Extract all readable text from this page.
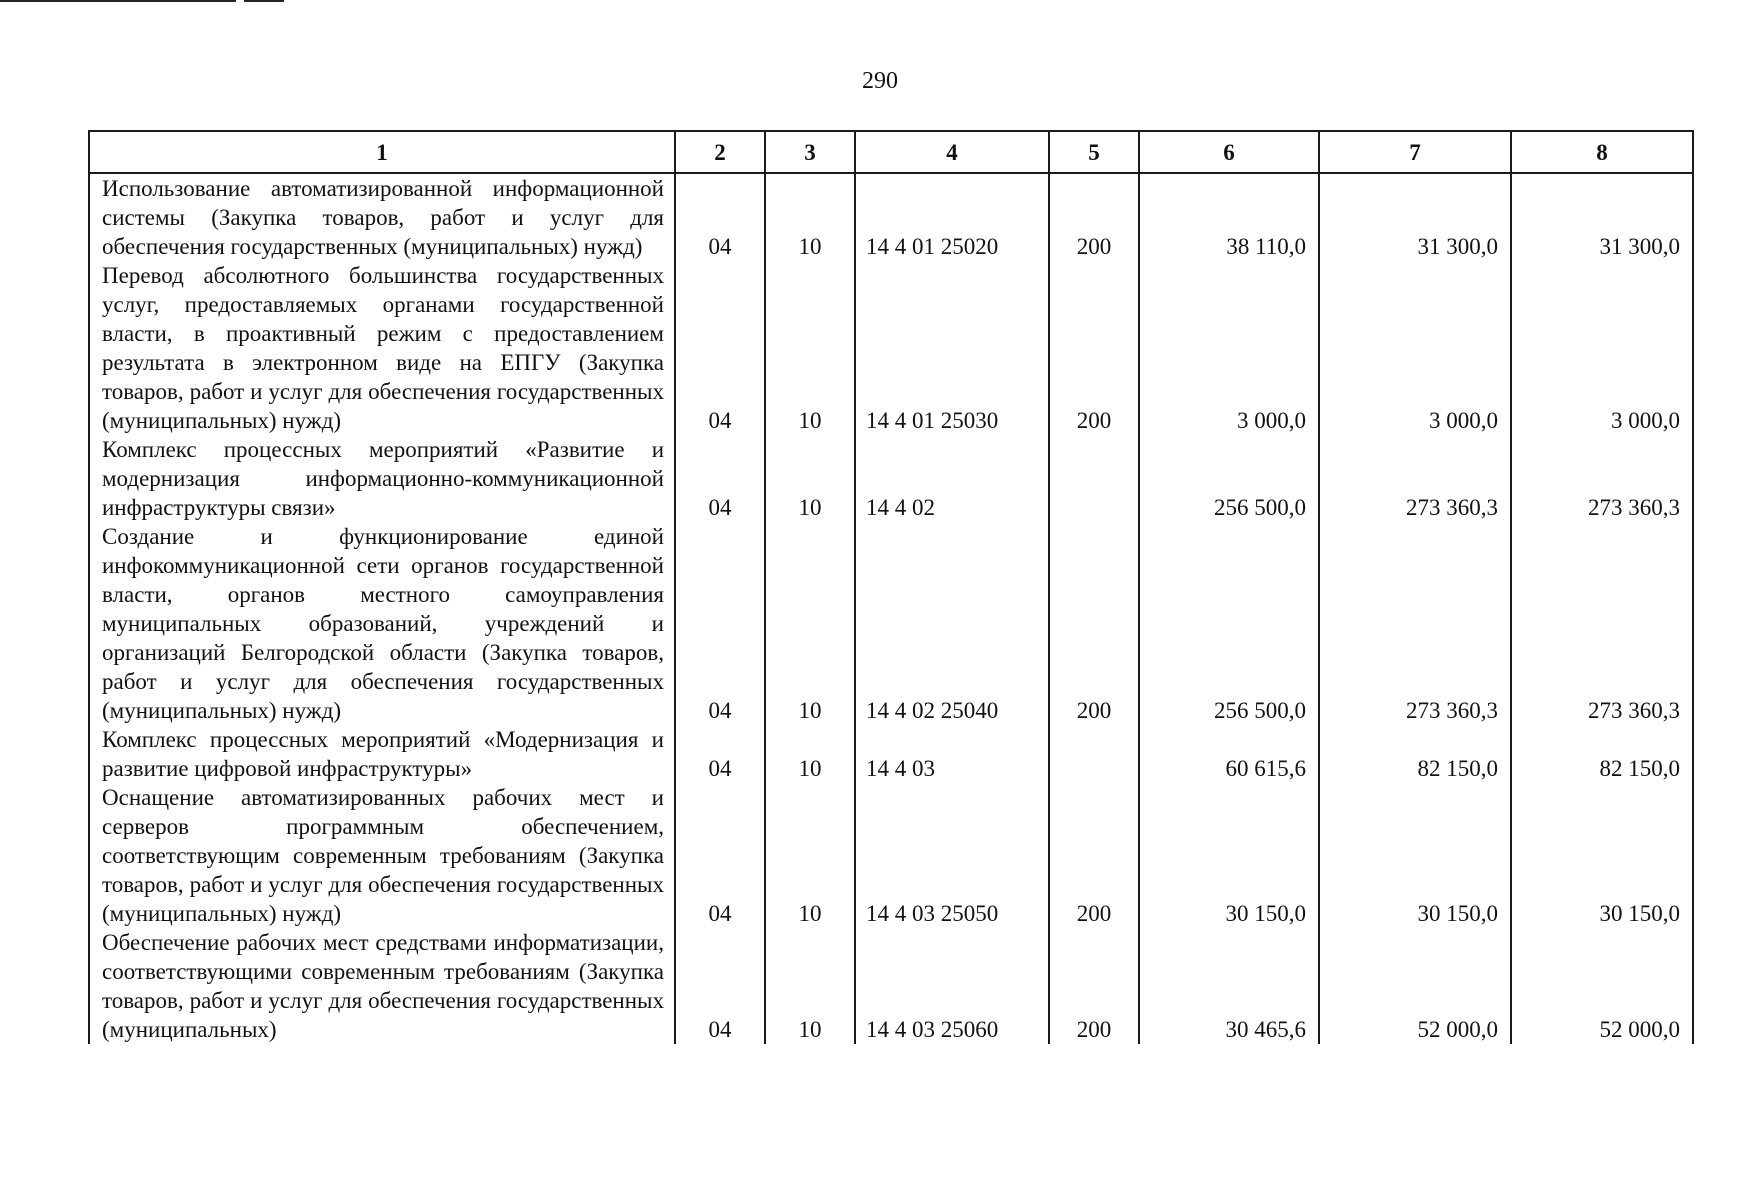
290
1	2	3	4	5	6	7	8
Использование автоматизированной информационной системы (Закупка товаров, работ и услуг для обеспечения государственных (муниципальных) нужд)	04	10	14 4 01 25020	200	38 110,0	31 300,0	31 300,0
Перевод абсолютного большинства государственных услуг, предоставляемых органами государственной власти, в проактивный режим с предоставлением результата в электронном виде на ЕПГУ (Закупка товаров, работ и услуг для обеспечения государственных (муниципальных) нужд)	04	10	14 4 01 25030	200	3 000,0	3 000,0	3 000,0
Комплекс процессных мероприятий «Развитие и модернизация информационно-коммуникационной инфраструктуры связи»	04	10	14 4 02		256 500,0	273 360,3	273 360,3
Создание и функционирование единой инфокоммуникационной сети органов государственной власти, органов местного самоуправления муниципальных образований, учреждений и организаций Белгородской области (Закупка товаров, работ и услуг для обеспечения государственных (муниципальных) нужд)	04	10	14 4 02 25040	200	256 500,0	273 360,3	273 360,3
Комплекс процессных мероприятий «Модернизация и развитие цифровой инфраструктуры»	04	10	14 4 03		60 615,6	82 150,0	82 150,0
Оснащение автоматизированных рабочих мест и серверов программным обеспечением, соответствующим современным требованиям (Закупка товаров, работ и услуг для обеспечения государственных (муниципальных) нужд)	04	10	14 4 03 25050	200	30 150,0	30 150,0	30 150,0
Обеспечение рабочих мест средствами информатизации, соответствующими современным требованиям (Закупка товаров, работ и услуг для обеспечения государственных (муниципальных)	04	10	14 4 03 25060	200	30 465,6	52 000,0	52 000,0
